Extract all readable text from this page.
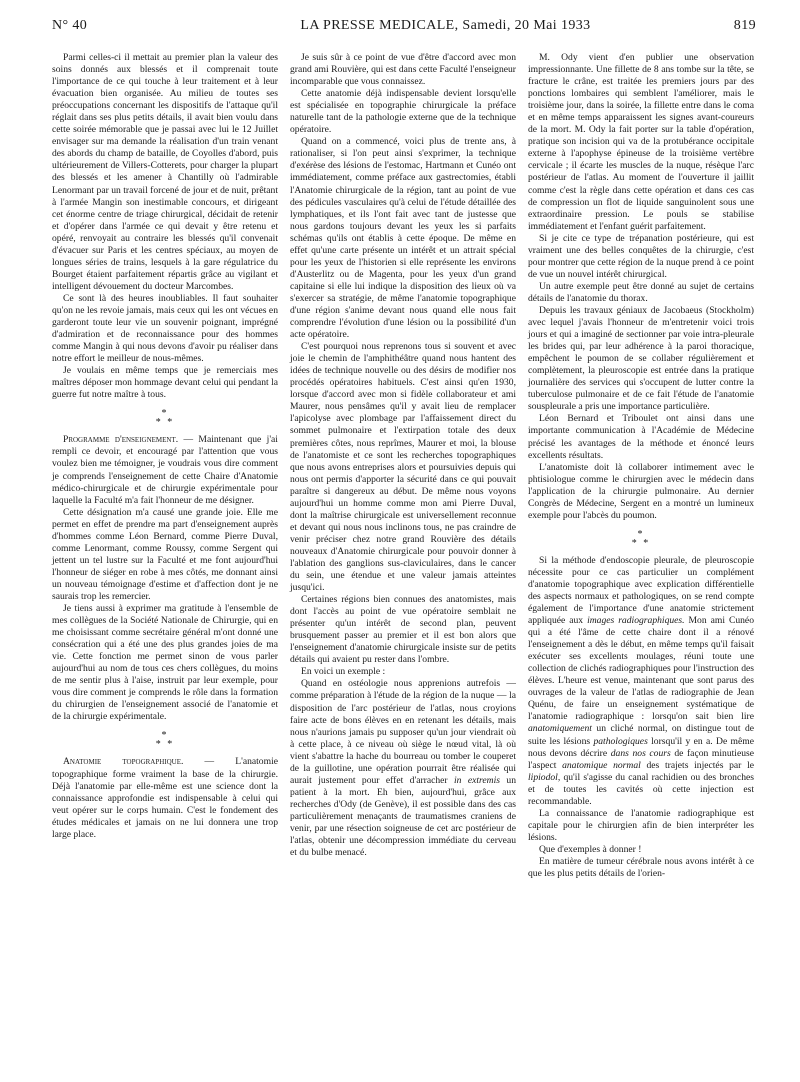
N° 40	LA PRESSE MEDICALE, Samedi, 20 Mai 1933	819

Parmi celles-ci il mettait au premier plan la valeur des soins donnés aux blessés et il comprenait toute l'importance de ce qui touche à leur traitement et à leur évacuation bien organisée. Au milieu de toutes ses préoccupations concernant les dispositifs de l'attaque qu'il réglait dans ses plus petits détails, il avait bien voulu dans cette soirée mémorable que je passai avec lui le 12 Juillet envisager sur ma demande la réalisation d'un train venant des abords du champ de bataille, de Coyolles d'abord, puis ultérieurement de Villers-Cotterets, pour charger la plupart des blessés et les amener à Chantilly où l'admirable Lenormant par un travail forcené de jour et de nuit, prêtant à l'armée Mangin son inestimable concours, et dirigeant cet énorme centre de triage chirurgical, décidait de retenir et d'opérer dans l'armée ce qui devait y être retenu et opéré, renvoyait au contraire les blessés qu'il convenait d'évacuer sur Paris et les centres spéciaux, au moyen de longues séries de trains, lesquels à la gare régulatrice du Bourget étaient parfaitement répartis grâce au vigilant et intelligent dévouement du docteur Marcombes.

Ce sont là des heures inoubliables. Il faut souhaiter qu'on ne les revoie jamais, mais ceux qui les ont vécues en garderont toute leur vie un souvenir poignant, imprégné d'admiration et de reconnaissance pour des hommes comme Mangin à qui nous devons d'avoir pu réaliser dans notre effort le meilleur de nous-mêmes.

Je voulais en même temps que je remerciais mes maîtres déposer mon hommage devant celui qui pendant la guerre fut notre maître à tous.

*
* *

Programme d'enseignement. — Maintenant que j'ai rempli ce devoir, et encouragé par l'attention que vous voulez bien me témoigner, je voudrais vous dire comment je comprends l'enseignement de cette Chaire d'Anatomie médico-chirurgicale et de chirurgie expérimentale pour laquelle la Faculté m'a fait l'honneur de me désigner.

Cette désignation m'a causé une grande joie. Elle me permet en effet de prendre ma part d'enseignement auprès d'hommes comme Léon Bernard, comme Pierre Duval, comme Lenormant, comme Roussy, comme Sergent qui jettent un tel lustre sur la Faculté et me font aujourd'hui l'honneur de siéger en robe à mes côtés, me donnant ainsi un nouveau témoignage d'estime et d'affection dont je ne saurais trop les remercier.

Je tiens aussi à exprimer ma gratitude à l'ensemble de mes collègues de la Société Nationale de Chirurgie, qui en me choisissant comme secrétaire général m'ont donné une consécration qui a été une des plus grandes joies de ma vie. Cette fonction me permet sinon de vous parler aujourd'hui au nom de tous ces chers collègues, du moins de me sentir plus à l'aise, instruit par leur exemple, pour vous dire comment je comprends le rôle dans la formation du chirurgien de l'enseignement associé de l'anatomie et de la chirurgie expérimentale.

*
* *

Anatomie topographique. — L'anatomie topographique forme vraiment la base de la chirurgie. Déjà l'anatomie par elle-même est une science dont la connaissance approfondie est indispensable à celui qui veut opérer sur le corps humain. C'est le fondement des études médicales et jamais on ne lui donnera une trop large place.

Je suis sûr à ce point de vue d'être d'accord avec mon grand ami Rouvière, qui est dans cette Faculté l'enseigneur incomparable que vous connaissez.

Cette anatomie déjà indispensable devient lorsqu'elle est spécialisée en topographie chirurgicale la préface naturelle tant de la pathologie externe que de la technique opératoire.

Quand on a commencé, voici plus de trente ans, à rationaliser, si l'on peut ainsi s'exprimer, la technique d'exérèse des lésions de l'estomac, Hartmann et Cunéo ont immédiatement, comme préface aux gastrectomies, établi l'Anatomie chirurgicale de la région, tant au point de vue des pédicules vasculaires qu'à celui de l'étude détaillée des lymphatiques, et ils l'ont fait avec tant de justesse que nous gardons toujours devant les yeux les si parfaits schémas qu'ils ont établis à cette époque. De même en effet qu'une carte présente un intérêt et un attrait spécial pour les yeux de l'historien si elle représente les environs d'Austerlitz ou de Magenta, pour les yeux d'un grand capitaine si elle lui indique la disposition des lieux où va s'exercer sa stratégie, de même l'anatomie topographique d'une région s'anime devant nous quand elle nous fait comprendre l'évolution d'une lésion ou la possibilité d'un acte opératoire.

C'est pourquoi nous reprenons tous si souvent et avec joie le chemin de l'amphithéâtre quand nous hantent des idées de technique nouvelle ou des désirs de modifier nos procédés opératoires habituels. C'est ainsi qu'en 1930, lorsque d'accord avec mon si fidèle collaborateur et ami Maurer, nous pensâmes qu'il y avait lieu de remplacer l'apicolyse avec plombage par l'affaissement direct du sommet pulmonaire et l'extirpation totale des deux premières côtes, nous reprîmes, Maurer et moi, la blouse de l'anatomiste et ce sont les recherches topographiques que nous avons entreprises alors et poursuivies depuis qui nous ont permis d'apporter la sécurité dans ce qui pouvait paraître si dangereux au début. De même nous voyons aujourd'hui un homme comme mon ami Pierre Duval, dont la maîtrise chirurgicale est universellement reconnue et devant qui nous nous inclinons tous, ne pas craindre de venir préciser chez notre grand Rouvière des détails nouveaux d'Anatomie chirurgicale pour pouvoir donner à l'ablation des ganglions sus-claviculaires, dans le cancer du sein, une étendue et une valeur jamais atteintes jusqu'ici.

Certaines régions bien connues des anatomistes, mais dont l'accès au point de vue opératoire semblait ne présenter qu'un intérêt de second plan, peuvent brusquement passer au premier et il est bon alors que l'enseignement d'anatomie chirurgicale insiste sur de petits détails qui avaient pu rester dans l'ombre.

En voici un exemple :

Quand en ostéologie nous apprenions autrefois — comme préparation à l'étude de la région de la nuque — la disposition de l'arc postérieur de l'atlas, nous croyions faire acte de bons élèves en en retenant les détails, mais nous n'aurions jamais pu supposer qu'un jour viendrait où à cette place, à ce niveau où siège le nœud vital, là où vient s'abattre la hache du bourreau ou tomber le couperet de la guillotine, une opération pourrait être réalisée qui aurait justement pour effet d'arracher in extremis un patient à la mort. Eh bien, aujourd'hui, grâce aux recherches d'Ody (de Genève), il est possible dans des cas particulièrement menaçants de traumatismes craniens de venir, par une résection soigneuse de cet arc postérieur de l'atlas, obtenir une décompression immédiate du cerveau et du bulbe menacé.

M. Ody vient d'en publier une observation impressionnante. Une fillette de 8 ans tombe sur la tête, se fracture le crâne, est traitée les premiers jours par des ponctions lombaires qui semblent l'améliorer, mais le troisième jour, dans la soirée, la fillette entre dans le coma et en même temps apparaissent les signes avant-coureurs de la mort. M. Ody la fait porter sur la table d'opération, pratique son incision qui va de la protubérance occipitale externe à l'apophyse épineuse de la troisième vertèbre cervicale ; il écarte les muscles de la nuque, résèque l'arc postérieur de l'atlas. Au moment de l'ouverture il jaillit comme c'est la règle dans cette opération et dans ces cas de compression un flot de liquide sanguinolent sous une extraordinaire pression. Le pouls se stabilise immédiatement et l'enfant guérit parfaitement.

Si je cite ce type de trépanation postérieure, qui est vraiment une des belles conquêtes de la chirurgie, c'est pour montrer que cette région de la nuque prend à ce point de vue un nouvel intérêt chirurgical.

Un autre exemple peut être donné au sujet de certains détails de l'anatomie du thorax.

Depuis les travaux géniaux de Jacobaeus (Stockholm) avec lequel j'avais l'honneur de m'entretenir voici trois jours et qui a imaginé de sectionner par voie intra-pleurale les brides qui, par leur adhérence à la paroi thoracique, empêchent le poumon de se collaber régulièrement et complètement, la pleuroscopie est entrée dans la pratique journalière des services qui s'occupent de lutter contre la tuberculose pulmonaire et de ce fait l'étude de l'anatomie souspleurale a pris une importance particulière.

Léon Bernard et Triboulet ont ainsi dans une importante communication à l'Académie de Médecine précisé les avantages de la méthode et énoncé leurs excellents résultats.

L'anatomiste doit là collaborer intimement avec le phtisiologue comme le chirurgien avec le médecin dans l'application de la chirurgie pulmonaire. Au dernier Congrès de Médecine, Sergent en a montré un lumineux exemple pour l'abcès du poumon.

*
* *

Si la méthode d'endoscopie pleurale, de pleuroscopie nécessite pour ce cas particulier un complément d'anatomie topographique avec explication différentielle des aspects normaux et pathologiques, on se rend compte également de l'importance d'une anatomie strictement appliquée aux images radiographiques. Mon ami Cunéo qui a été l'âme de cette chaire dont il a rénové l'enseignement a dès le début, en même temps qu'il faisait exécuter ses excellents moulages, réuni toute une collection de clichés radiographiques pour l'instruction des élèves. L'heure est venue, maintenant que sont parus des ouvrages de la valeur de l'atlas de radiographie de Jean Quénu, de faire un enseignement systématique de l'anatomie radiographique : lorsqu'on sait bien lire anatomiquement un cliché normal, on distingue tout de suite les lésions pathologiques lorsqu'il y en a. De même nous devons décrire dans nos cours de façon minutieuse l'aspect anatomique normal des trajets injectés par le lipiodol, qu'il s'agisse du canal rachidien ou des bronches et de toutes les cavités où cette injection est recommandable.

La connaissance de l'anatomie radiographique est capitale pour le chirurgien afin de bien interpréter les lésions.

Que d'exemples à donner !

En matière de tumeur cérébrale nous avons intérêt à ce que les plus petits détails de l'orien-
